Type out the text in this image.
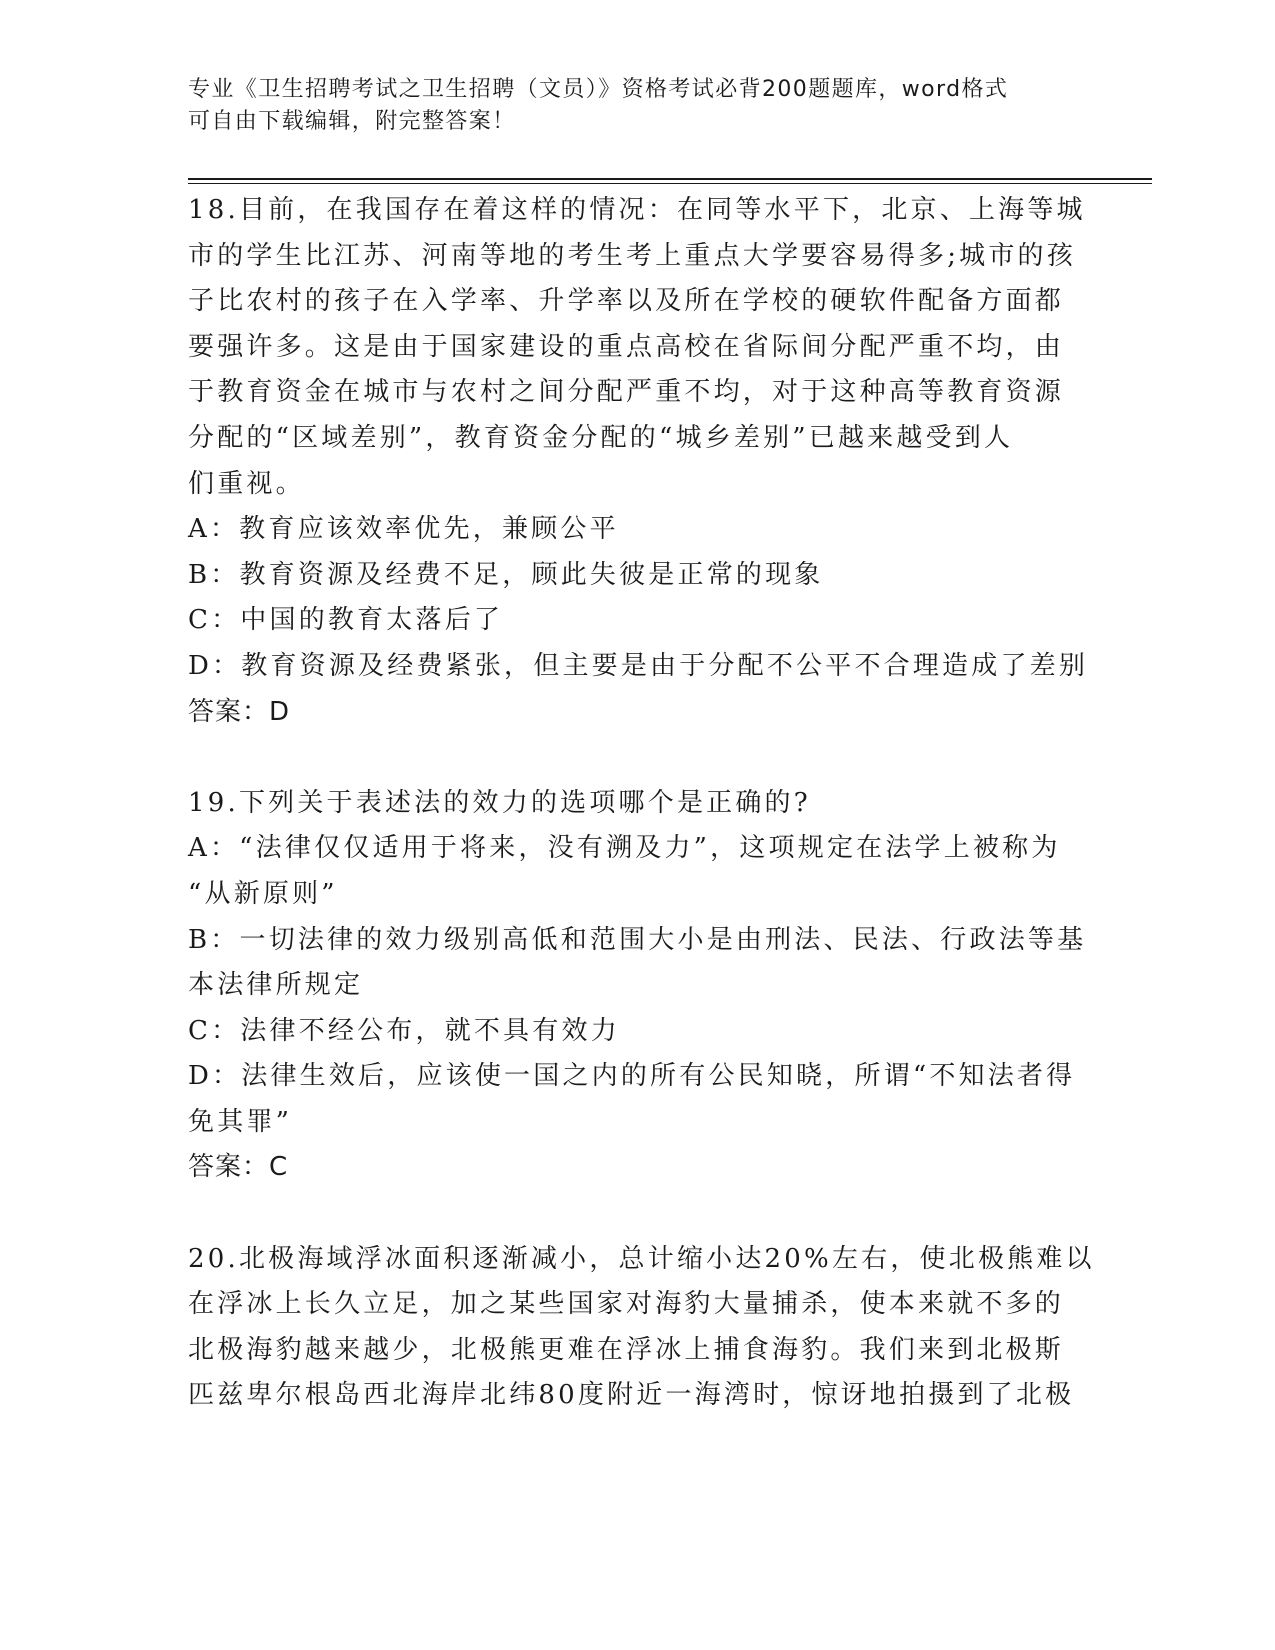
专业《卫生招聘考试之卫生招聘（文员）》资格考试必背200题题库，word格式
可自由下载编辑，附完整答案！

18.目前，在我国存在着这样的情况：在同等水平下，北京、上海等城

市的学生比江苏、河南等地的考生考上重点大学要容易得多;城市的孩

子比农村的孩子在入学率、升学率以及所在学校的硬软件配备方面都

要强许多。这是由于国家建设的重点高校在省际间分配严重不均，由

于教育资金在城市与农村之间分配严重不均，对于这种高等教育资源

分配的“区域差别”，教育资金分配的“城乡差别”已越来越受到人

们重视。

A：教育应该效率优先，兼顾公平

B：教育资源及经费不足，顾此失彼是正常的现象

C：中国的教育太落后了

D：教育资源及经费紧张，但主要是由于分配不公平不合理造成了差别

答案：D

19.下列关于表述法的效力的选项哪个是正确的?

A：“法律仅仅适用于将来，没有溯及力”，这项规定在法学上被称为

“从新原则”

B：一切法律的效力级别高低和范围大小是由刑法、民法、行政法等基

本法律所规定

C：法律不经公布，就不具有效力

D：法律生效后，应该使一国之内的所有公民知晓，所谓“不知法者得

免其罪”

答案：C

20.北极海域浮冰面积逐渐减小，总计缩小达20%左右，使北极熊难以

在浮冰上长久立足，加之某些国家对海豹大量捕杀，使本来就不多的

北极海豹越来越少，北极熊更难在浮冰上捕食海豹。我们来到北极斯

匹兹卑尔根岛西北海岸北纬80度附近一海湾时，惊讶地拍摄到了北极
